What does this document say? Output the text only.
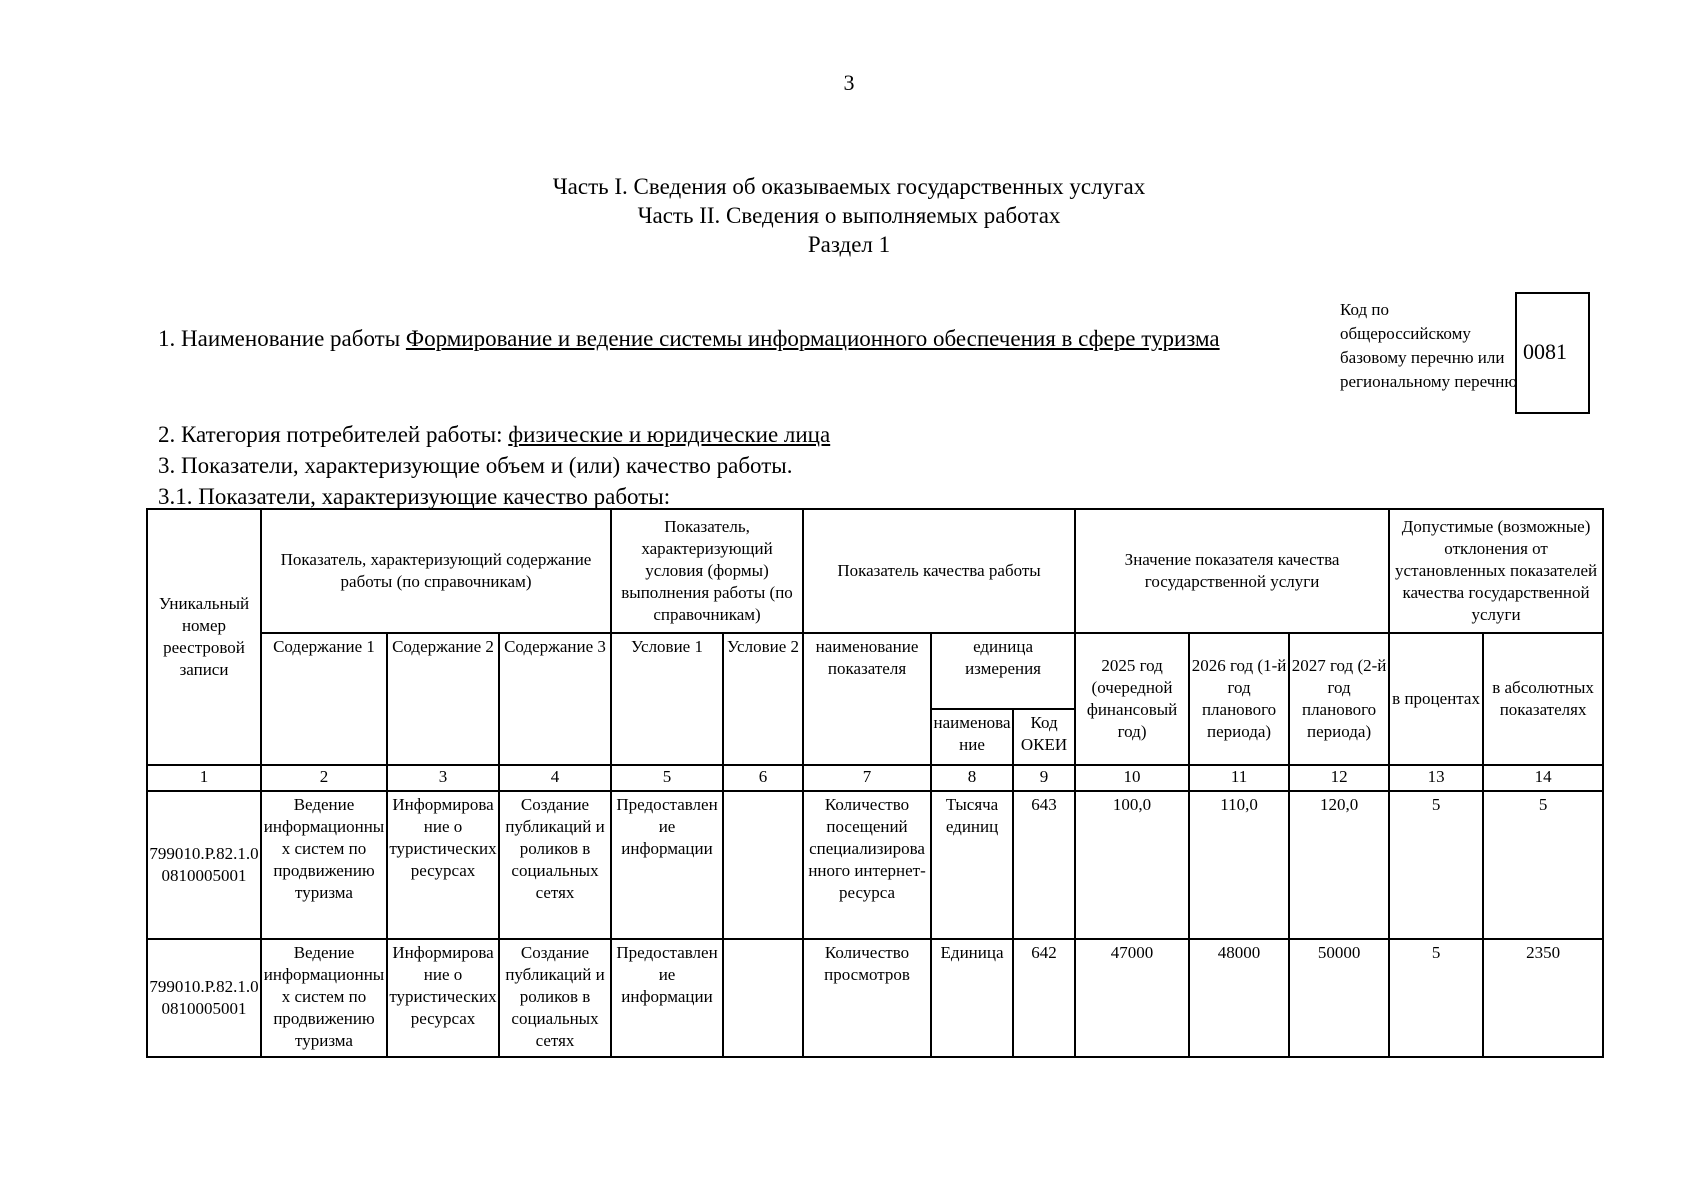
3
Часть I. Сведения об оказываемых государственных услугах
Часть II. Сведения о выполняемых работах
Раздел 1
1. Наименование работы Формирование и ведение системы информационного обеспечения в сфере туризма
Код по общероссийскому базовому перечню или региональному перечню
0081
2. Категория потребителей работы: физические и юридические лица
3. Показатели, характеризующие объем и (или) качество работы.
3.1. Показатели, характеризующие качество работы:
Уникальный номер реестровой записи	Показатель, характеризующий содержание работы (по справочникам)			Показатель, характеризующий условия (формы) выполнения работы (по справочникам)		Показатель качества работы			Значение показателя качества государственной услуги			Допустимые (возможные) отклонения от установленных показателей качества государственной услуги	
	Содержание 1	Содержание 2	Содержание 3	Условие 1	Условие 2	наименование показателя	единица измерения		2025 год (очередной финансовый год)	2026 год (1-й год планового периода)	2027 год (2-й год планового периода)	в процентах	в абсолютных показателях
							наименование	Код ОКЕИ					
1	2	3	4	5	6	7	8	9	10	11	12	13	14
799010.Р.82.1.00810005001	Ведение информационных систем по продвижению туризма	Информирование о туристических ресурсах	Создание публикаций и роликов в социальных сетях	Предоставление информации		Количество посещений специализированного интернет-ресурса	Тысяча единиц	643	100,0	110,0	120,0	5	5
799010.Р.82.1.00810005001	Ведение информационных систем по продвижению туризма	Информирование о туристических ресурсах	Создание публикаций и роликов в социальных сетях	Предоставление информации		Количество просмотров	Единица	642	47000	48000	50000	5	2350
